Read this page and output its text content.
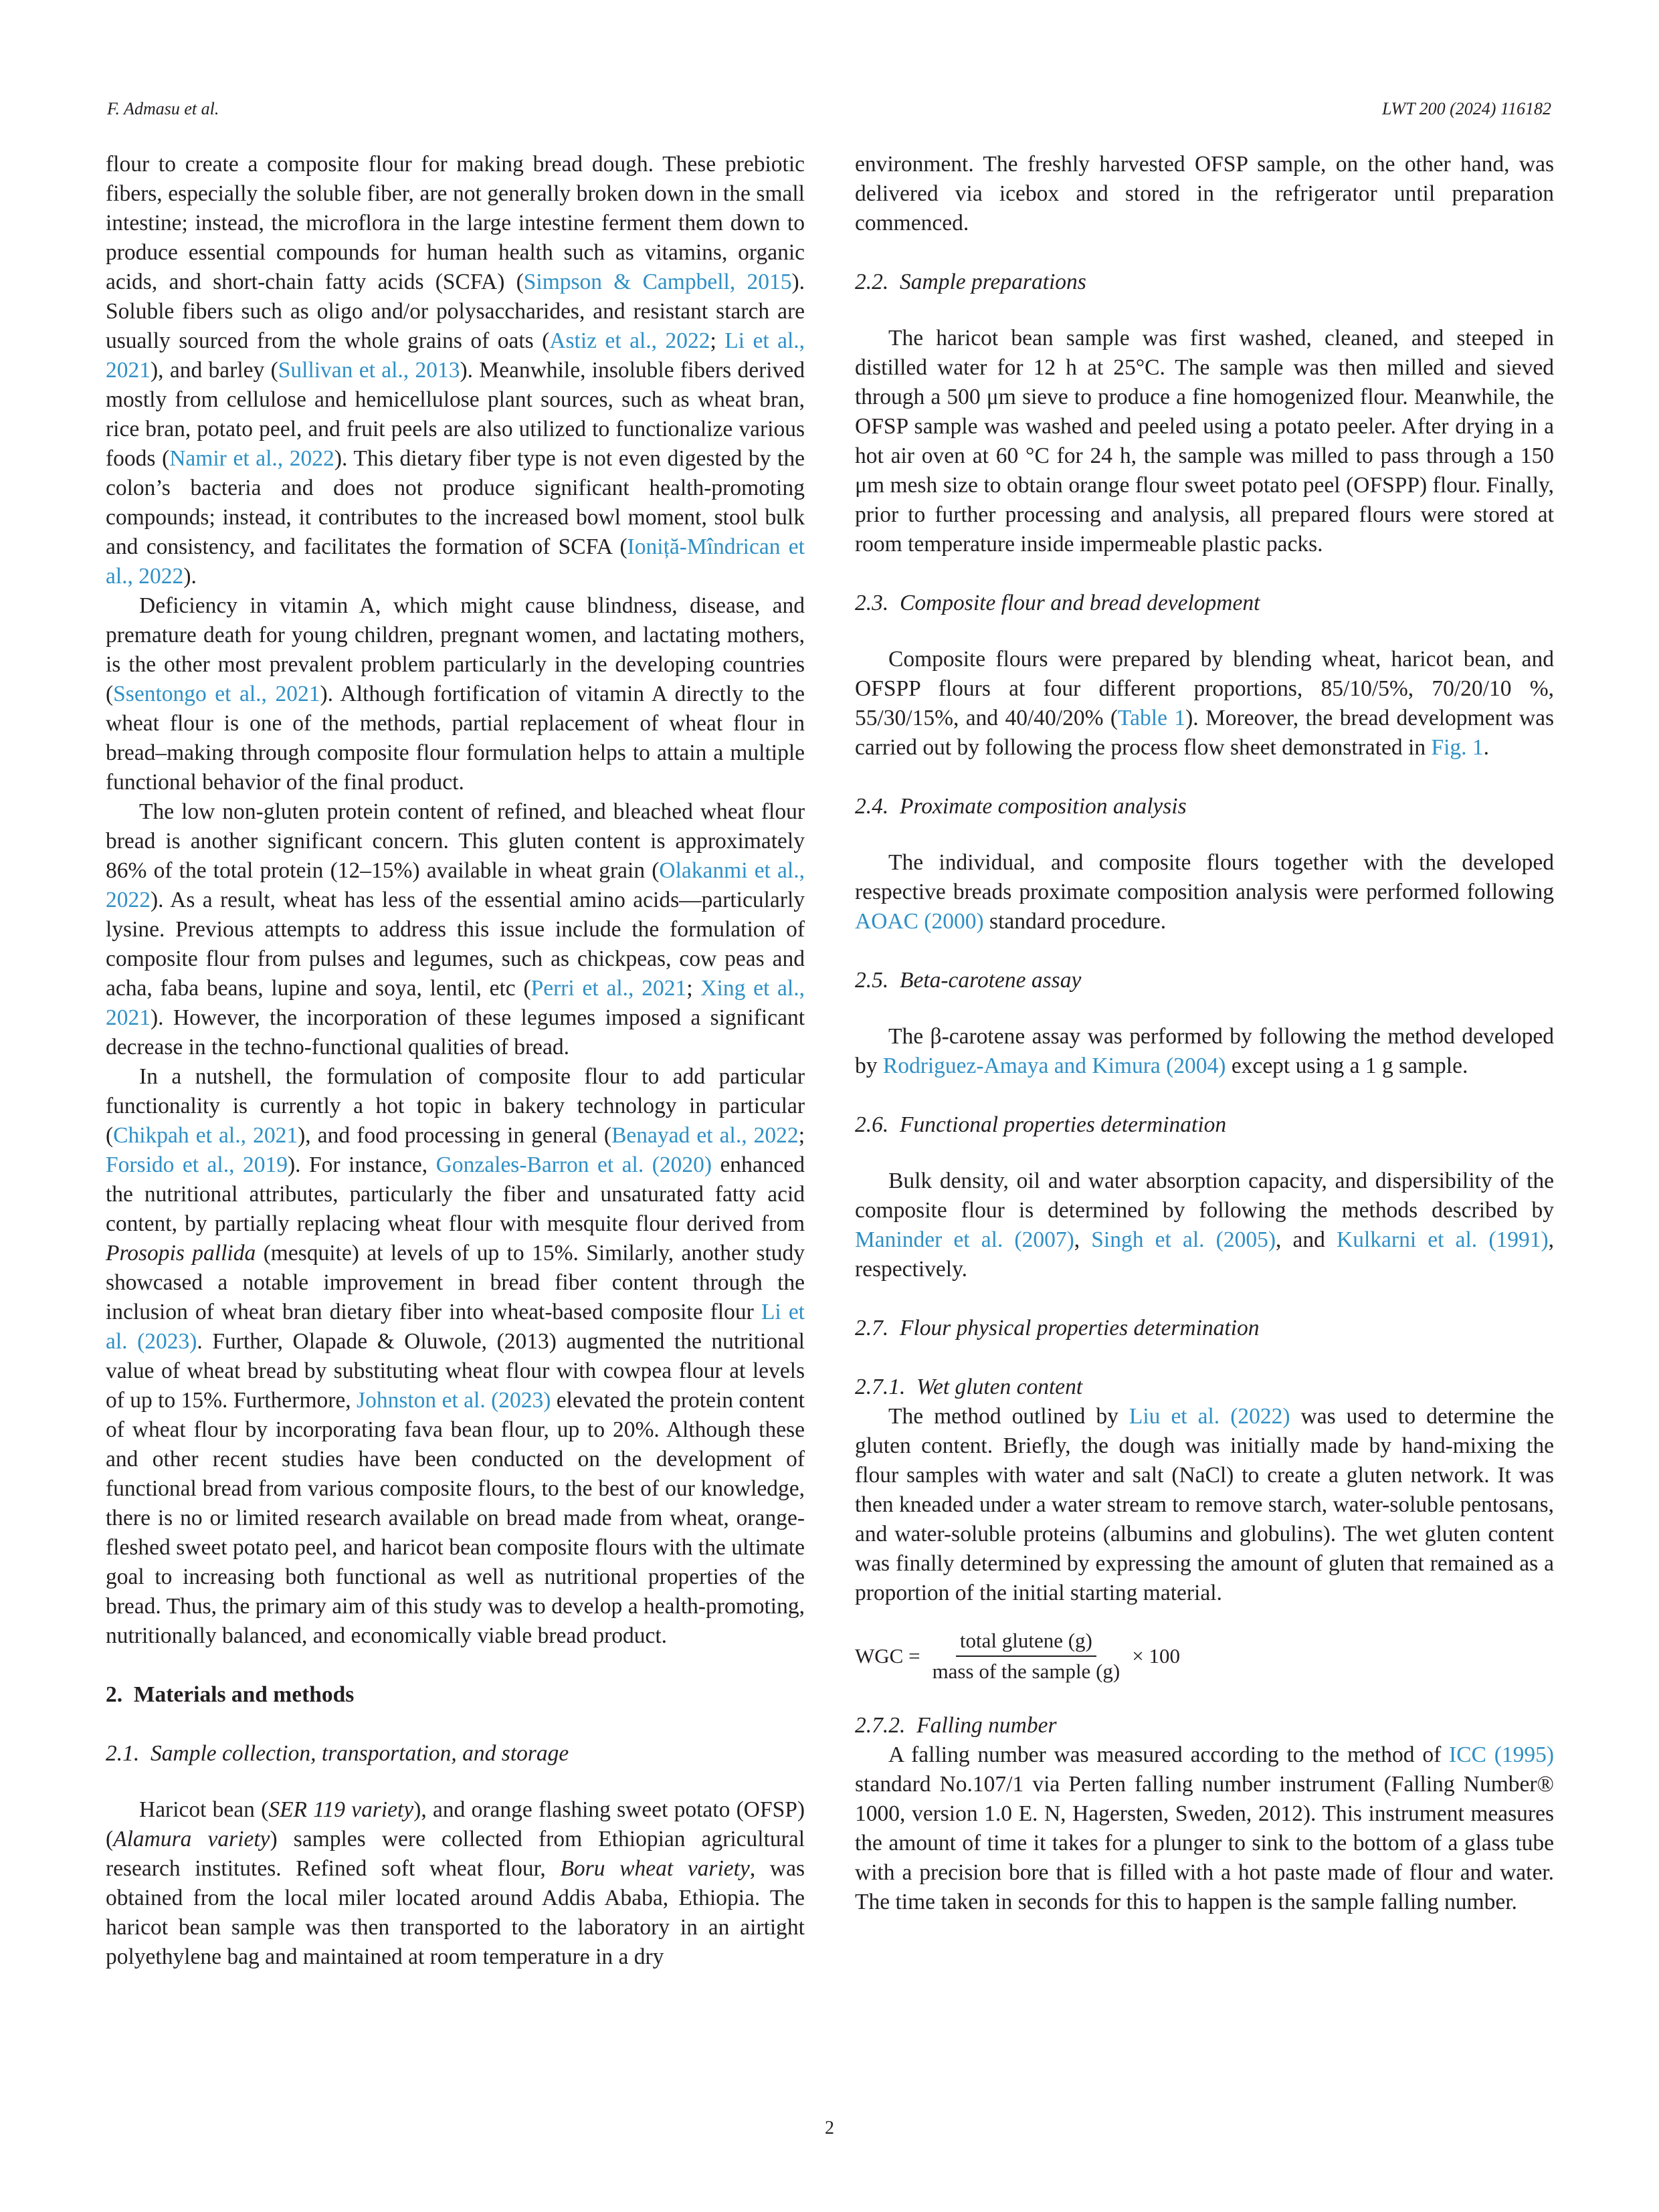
F. Admasu et al.	LWT 200 (2024) 116182

flour to create a composite flour for making bread dough. These prebiotic fibers, especially the soluble fiber, are not generally broken down in the small intestine; instead, the microflora in the large intestine ferment them down to produce essential compounds for human health such as vitamins, organic acids, and short-chain fatty acids (SCFA) (Simpson & Campbell, 2015). Soluble fibers such as oligo and/or polysaccharides, and resistant starch are usually sourced from the whole grains of oats (Astiz et al., 2022; Li et al., 2021), and barley (Sullivan et al., 2013). Meanwhile, insoluble fibers derived mostly from cellulose and hemicellulose plant sources, such as wheat bran, rice bran, potato peel, and fruit peels are also utilized to functionalize various foods (Namir et al., 2022). This dietary fiber type is not even digested by the colon’s bacteria and does not produce significant health-promoting compounds; instead, it contributes to the increased bowl moment, stool bulk and consistency, and facilitates the formation of SCFA (Ioniță-Mîndrican et al., 2022).

Deficiency in vitamin A, which might cause blindness, disease, and premature death for young children, pregnant women, and lactating mothers, is the other most prevalent problem particularly in the developing countries (Ssentongo et al., 2021). Although fortification of vitamin A directly to the wheat flour is one of the methods, partial replacement of wheat flour in bread–making through composite flour formulation helps to attain a multiple functional behavior of the final product.

The low non-gluten protein content of refined, and bleached wheat flour bread is another significant concern. This gluten content is approximately 86% of the total protein (12–15%) available in wheat grain (Olakanmi et al., 2022). As a result, wheat has less of the essential amino acids—particularly lysine. Previous attempts to address this issue include the formulation of composite flour from pulses and legumes, such as chickpeas, cow peas and acha, faba beans, lupine and soya, lentil, etc (Perri et al., 2021; Xing et al., 2021). However, the incorporation of these legumes imposed a significant decrease in the techno-functional qualities of bread.

In a nutshell, the formulation of composite flour to add particular functionality is currently a hot topic in bakery technology in particular (Chikpah et al., 2021), and food processing in general (Benayad et al., 2022; Forsido et al., 2019). For instance, Gonzales-Barron et al. (2020) enhanced the nutritional attributes, particularly the fiber and unsaturated fatty acid content, by partially replacing wheat flour with mesquite flour derived from Prosopis pallida (mesquite) at levels of up to 15%. Similarly, another study showcased a notable improvement in bread fiber content through the inclusion of wheat bran dietary fiber into wheat-based composite flour Li et al. (2023). Further, Olapade & Oluwole, (2013) augmented the nutritional value of wheat bread by substituting wheat flour with cowpea flour at levels of up to 15%. Furthermore, Johnston et al. (2023) elevated the protein content of wheat flour by incorporating fava bean flour, up to 20%. Although these and other recent studies have been conducted on the development of functional bread from various composite flours, to the best of our knowledge, there is no or limited research available on bread made from wheat, orange-fleshed sweet potato peel, and haricot bean composite flours with the ultimate goal to increasing both functional as well as nutritional properties of the bread. Thus, the primary aim of this study was to develop a health-promoting, nutritionally balanced, and economically viable bread product.

2. Materials and methods
2.1. Sample collection, transportation, and storage

Haricot bean (SER 119 variety), and orange flashing sweet potato (OFSP) (Alamura variety) samples were collected from Ethiopian agricultural research institutes. Refined soft wheat flour, Boru wheat variety, was obtained from the local miler located around Addis Ababa, Ethiopia. The haricot bean sample was then transported to the laboratory in an airtight polyethylene bag and maintained at room temperature in a dry

environment. The freshly harvested OFSP sample, on the other hand, was delivered via icebox and stored in the refrigerator until preparation commenced.

2.2. Sample preparations

The haricot bean sample was first washed, cleaned, and steeped in distilled water for 12 h at 25°C. The sample was then milled and sieved through a 500 μm sieve to produce a fine homogenized flour. Meanwhile, the OFSP sample was washed and peeled using a potato peeler. After drying in a hot air oven at 60 °C for 24 h, the sample was milled to pass through a 150 μm mesh size to obtain orange flour sweet potato peel (OFSPP) flour. Finally, prior to further processing and analysis, all prepared flours were stored at room temperature inside impermeable plastic packs.

2.3. Composite flour and bread development

Composite flours were prepared by blending wheat, haricot bean, and OFSPP flours at four different proportions, 85/10/5%, 70/20/10 %, 55/30/15%, and 40/40/20% (Table 1). Moreover, the bread development was carried out by following the process flow sheet demonstrated in Fig. 1.

2.4. Proximate composition analysis

The individual, and composite flours together with the developed respective breads proximate composition analysis were performed following AOAC (2000) standard procedure.

2.5. Beta-carotene assay

The β-carotene assay was performed by following the method developed by Rodriguez-Amaya and Kimura (2004) except using a 1 g sample.

2.6. Functional properties determination

Bulk density, oil and water absorption capacity, and dispersibility of the composite flour is determined by following the methods described by Maninder et al. (2007), Singh et al. (2005), and Kulkarni et al. (1991), respectively.

2.7. Flour physical properties determination
2.7.1. Wet gluten content

The method outlined by Liu et al. (2022) was used to determine the gluten content. Briefly, the dough was initially made by hand-mixing the flour samples with water and salt (NaCl) to create a gluten network. It was then kneaded under a water stream to remove starch, water-soluble pentosans, and water-soluble proteins (albumins and globulins). The wet gluten content was finally determined by expressing the amount of gluten that remained as a proportion of the initial starting material.

WGC = $\frac{\text{total glutene (g)}}{\text{mass of the sample (g)}} \times 100$
2.7.2. Falling number

A falling number was measured according to the method of ICC (1995) standard No.107/1 via Perten falling number instrument (Falling Number® 1000, version 1.0 E. N, Hagersten, Sweden, 2012). This instrument measures the amount of time it takes for a plunger to sink to the bottom of a glass tube with a precision bore that is filled with a hot paste made of flour and water. The time taken in seconds for this to happen is the sample falling number.

2
